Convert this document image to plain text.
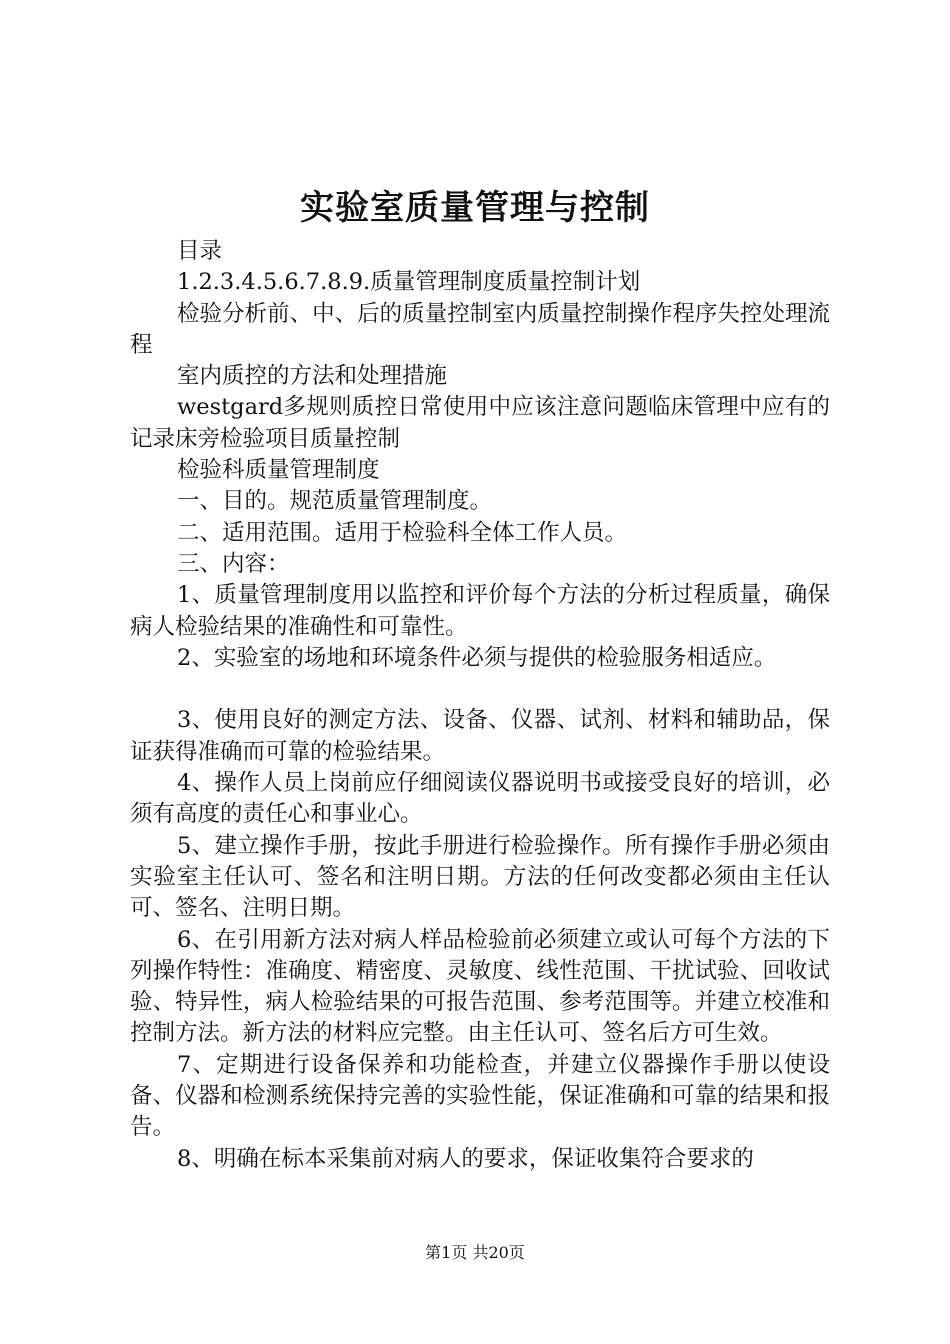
实验室质量管理与控制

目录

1.2.3.4.5.6.7.8.9.质量管理制度质量控制计划

检验分析前、中、后的质量控制室内质量控制操作程序失控处理流程

室内质控的方法和处理措施

westgard多规则质控日常使用中应该注意问题临床管理中应有的记录床旁检验项目质量控制

检验科质量管理制度

一、目的。规范质量管理制度。

二、适用范围。适用于检验科全体工作人员。

三、内容：

1、质量管理制度用以监控和评价每个方法的分析过程质量，确保病人检验结果的准确性和可靠性。

2、实验室的场地和环境条件必须与提供的检验服务相适应。

3、使用良好的测定方法、设备、仪器、试剂、材料和辅助品，保证获得准确而可靠的检验结果。

4、操作人员上岗前应仔细阅读仪器说明书或接受良好的培训，必须有高度的责任心和事业心。

5、建立操作手册，按此手册进行检验操作。所有操作手册必须由实验室主任认可、签名和注明日期。方法的任何改变都必须由主任认可、签名、注明日期。

6、在引用新方法对病人样品检验前必须建立或认可每个方法的下列操作特性：准确度、精密度、灵敏度、线性范围、干扰试验、回收试验、特异性，病人检验结果的可报告范围、参考范围等。并建立校准和控制方法。新方法的材料应完整。由主任认可、签名后方可生效。

7、定期进行设备保养和功能检查，并建立仪器操作手册以使设备、仪器和检测系统保持完善的实验性能，保证准确和可靠的结果和报告。

8、明确在标本采集前对病人的要求，保证收集符合要求的

第1页 共20页
